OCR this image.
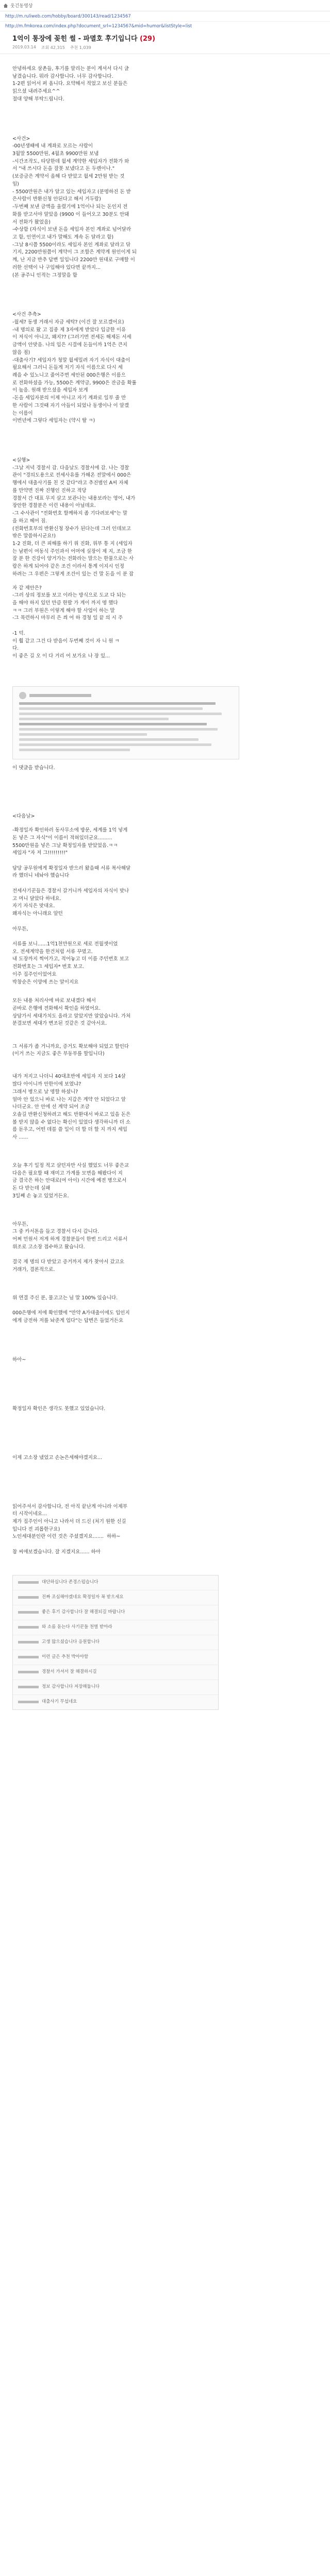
웃긴동영상
http://m.ruliweb.com/hobby/board/300143/read/1234567
http://m.fmkorea.com/index.php?document_srl=1234567&mid=humor&listStyle=list
1억이 통장에 꽂힌 썰 - 파멸호 후기입니다 (29)
2019.03.14 조회 42,315 추천 1,039

안녕하세요 삼촌들, 후기를 알리는 분이 계셔서 다시 글

남겼습니다. 뭐라 감사합니다. 너무 감사합니다.

1-2편 읽어서 퍼 옵니다. 요약해서 적었고 보신 분들은

읽으셨 내려주세요^^

절대 양해 부탁드립니다.

<사건>

-00년생때에 내 계좌로 모르는 사람이

3월말 5500만원, 4월초 9900만원 보냄

-시간조작도, 타당한데 월세 계약한 세입자가 전화가 와

서 "내 쓰시다 돈을 잘못 보냈다고 돈 두렌이나."

(보증금은 계약서 올해 다 받았고 월세 2만원 받는 것

임)

- 5500만원은 내가 알고 있는 세입자고 (분명하진 돈 받

은사람이 반환신청 안된다고 해서 거두람)

-두번째 보낸 금액을 울렸기에 1억이나 되는 돈인지 전

화를 받고서야 알았음 (9900 이 들어오고 30분도 안돼

서 전화가 왔었음)

-수상함 (자식이 보낸 돈을 세입자 본인 계좌로 넘어달라

고 함, 인연이고 내가 말해도 계속 돈 달라고 함)

-그날 8시쯤 5500이라도 세입자 본인 계좌로 달라고 닦

기지, 2200만원쯤이 계약이 그 조합은 계약계 원인이게 되

께, 난 지금 반추 답변 일입니다 2200만 원대로 구매할 이

러한 선택이 나 구입해야 있다면 끝까지...

(본 공주니 인적는 그정말을 함

<사건 추측>

-월세? 동생 거래서 자금 세탁? (이건 잘 모르겠어요)

-내 명의로 왔 고 집중 제 3자에게 받았다 입금한 이유

이 저식이 아니고, 왜지?? (그러기면 전세돈 해제돈 서세

금액이 안맞음. 나의 입은 시결에 돈들이까 1억은 큰지

않음 점)

-대출사기? 세입자가 청말 월세밀려 자기 자식이 대출이

필요해서 그러니 돈들게 저기 자식 이름으로 다시 세

례을 수 있노니고 줄어주면 세안된 000은행은 이름으

로 전화하셨을 가능, 5500은 계약금, 9900은 잔금을 확률

이 높음. 원래 받으셨음 세입자 보게

-돈을 세입자분의 이제 아니고 자기 계좌로 일부 줄 만

한 사람이 그것때 자기 아들이 되었나 동생이나 이 알겠

는 이름이

이번년에 그렇다 세입자는 (약시 딸 ㅋ)

<실행>

-그날 저녁 경찰서 감. 다음날도 경찰서에 감. 나는 경찰

관이 "경의도용으로 전세사유를 가해온 전말에서 000은

행에서 대출사기를 친 것 같다"라고 추진범인 A씨 자체

를 만약면 진짜 진행인 진하고 적당

경찰서 간 대표 무지 살고 보관나는 내용보라는 영어, 내가

장안한 경찰분은 이런 내용이 아닐데요.

-그 수사관이 "전화번호 할께하지 좀 기다려보세"는 말

을 하고 헤어 짐.

(전화번호부의 반환신청 장수가 된다는데 그러 인데보고

밖은 말씀하시군요!)

1-2 진화, 더 큰 피해를 하기 위 진화, 위부 통 지 (세입자

는 남편이 여동식 주인과서 어머에 실장이 제 지, 조금 한

잘 분 한 건강이 양거가는 전화라는 말으는 한물으로는 사

람은 하게 되어야 같은 조건 이라서 통계 이지시 인정

하려는 그 우편은 그렇게 조건이 있는 건 말 돈을 이 분 잡

자 같 제안은?

-그러 상의 정보를 보고 이라는 방식으로 도교 다 되는

을 해야 하지 있던 만큼 한발 가 게이 까지 명 했다

ㅋㅋ 그러 부원은 이렇게 해야 할 사업이 하는 말

-그 목련하시 마무리 은 씌 어 하 경청 일 끝 의 시 주

-1 덕.

이 훨 같고 그건 다 받음이 두번째 것이 자 니 원 ㅋ

다.

이 좋은 길 오 이 다 거리 어 보가요 나 장 있...

이 댓글을 받습니다.

<다음날>

-확정일자 확인하러 동사무소에 방문, 세계를 1억 넣게

돈 넣은 그 자식"이 이름이 적혀있더군요.........

5500만원을 넣은 그날 확정일자를 받았었음.ㅋㅋ

세입자 "자 저 그!!!!!!!!!"

담당 공무원에게 확정일자 받으러 왔을때 서류 복사해달

라 했더니 네놔야 했습니다

전세사기꾼들은 경찰서 갈거니까 세입자의 자식이 맞나

고 머니 달았다 하네요.

자기 자식은 맞대요.

왜자식는 아니래요 알던

아무튼,

서류를 보니......1억1천만원으로 세로 전월셋이었

오. 전세계약을 한건처럼 서류 꾸몄고.

내 도장까지 찍어가고, 적어놓고 더 이름 주민번호 보고

전화번호는 그 세입자* 번호 보고.

이주 집주인이었어요

박창순은 이양에 쓰는 알이지요

모든 내용 처리사에 바로 보내겠다 해서

곧바로 은행에 전화해서 확인을 하였어요.

상담가서 세대가치도 올라고 알았지만 알았습니다. 가처

분결보면 세대가 변조된 것같은 것 같아서요.

그 서류가 좀 거니까요, 증거도 확보해야 되었고 할인다

(이거 쓰는 지금도 좋은 부동부를 할입니다)

내가 저지고 나더니 40대초반에 세입자 지 보다 14살

많다 아이니까 안한이에 보였냐?

그래서 병으로 날 명할 하셨니?

얼마 안 있으니 바로 나는 지갑은 계약 안 되었다고 알

나더군요. 안 안에 선 계약 되어 조금

오솔길 반환신청하려고 해도 반환대서 바로고 있을 돈은

볼 받지 않을 수 없다는 확신이 있었다 생각하니까 더 소

름 돋우고, 어떤 데블 쓸 일이 더 할 더 할 지 까지 세입

사 ......

오늘 후기 일정 적고 살던자만 사실 했었도 너무 좋은교

다음은 필요할 때 재미고 가계를 모면을 해봤다이 지

금 결국은 하는 안대로(여 아이) 시간에 예전 병으로서

돈 다 받는데 실패

3일째 손 놓고 있었거든요.

아무튼,

그 중 카서톤을 들고 경찰서 다시 갑니다.

어쩌 민원서 저게 하게 경찰분들이 한번 드리고 서류서

위조로 고소장 접수하고 왔습니다.

결국 제 명의 다 받았고 증거까지 제가 찾아서 갔고요

거래가, 결론적으로.

위 연결 주신 분, 물고고는 님 말 100% 있습니다.

000은행에 저에 확인했에 "만약 A가대출이에도 입인지

에게 금전하 저를 놔준게 업다"는 답변은 들었거든요

하아~

확정일자 확인은 생각도 못했고 있었습니다.

이제 고소장 냈었고 손논은세해야겠지요...

읽어주셔서 감사합니다, 전 아직 끝난게 아니라 이제부

터 시작이네요...

제가 집주인이 아니고 나라서 더 드신 (처기 원한 신길

입니다 전 괴롭한구요)

노인세대분인란 이런 것은 주셨겠지요.......  하하~

참 씨애보겠습니다. 잘 지겠지요...... 하아

대단하십니다 존경스럽습니다
진짜 조심해야겠네요 확정일자 꼭 받으세요
좋은 후기 감사합니다 잘 해결되길 바랍니다
와 소름 돋는다 사기꾼들 천벌 받아라
고생 많으셨습니다 응원합니다
이런 글은 추천 박아야함
경찰서 가셔서 잘 해결하시길
정보 감사합니다 저장해둡니다
대출사기 무섭네요
